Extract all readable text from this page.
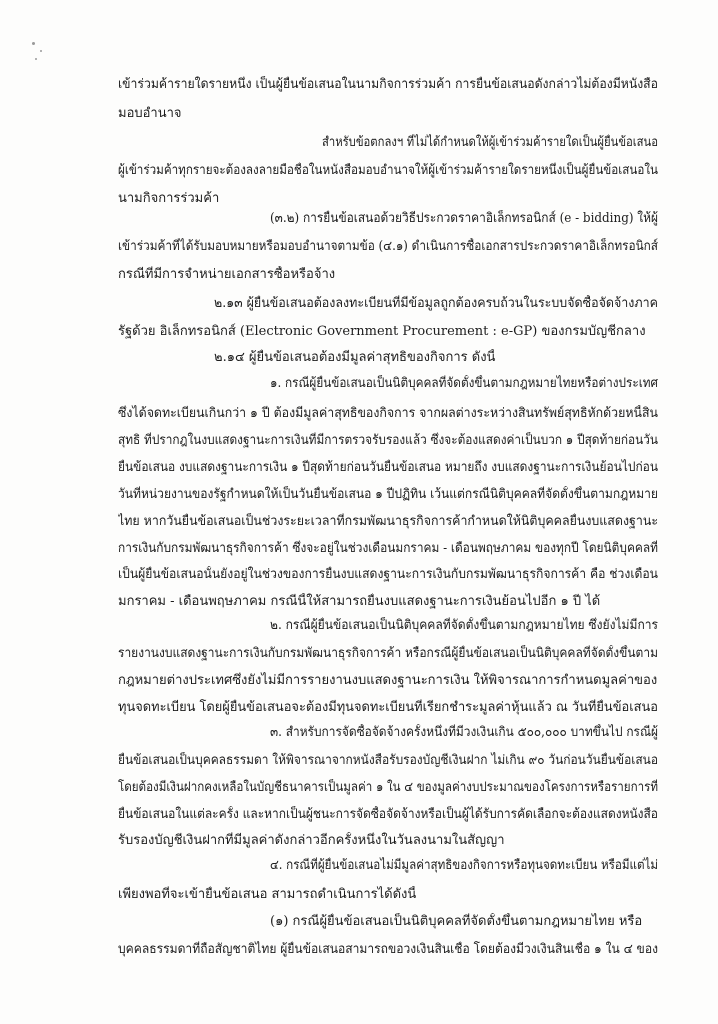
เข้าร่วมค้ารายใดรายหนึ่ง เป็นผู้ยื่นข้อเสนอในนามกิจการร่วมค้า การยื่นข้อเสนอดังกล่าวไม่ต้องมีหนังสือ
มอบอำนาจ
สำหรับข้อตกลงฯ ที่ไม่ได้กำหนดให้ผู้เข้าร่วมค้ารายใดเป็นผู้ยื่นข้อเสนอ
ผู้เข้าร่วมค้าทุกรายจะต้องลงลายมือชื่อในหนังสือมอบอำนาจให้ผู้เข้าร่วมค้ารายใดรายหนึ่งเป็นผู้ยื่นข้อเสนอใน
นามกิจการร่วมค้า
(๓.๒) การยื่นข้อเสนอด้วยวิธีประกวดราคาอิเล็กทรอนิกส์ (e - bidding) ให้ผู้
เข้าร่วมค้าที่ได้รับมอบหมายหรือมอบอำนาจตามข้อ (๔.๑) ดำเนินการซื้อเอกสารประกวดราคาอิเล็กทรอนิกส์
กรณีที่มีการจำหน่ายเอกสารซื้อหรือจ้าง
๒.๑๓ ผู้ยื่นข้อเสนอต้องลงทะเบียนที่มีข้อมูลถูกต้องครบถ้วนในระบบจัดซื้อจัดจ้างภาค
รัฐด้วย อิเล็กทรอนิกส์ (Electronic Government Procurement : e-GP) ของกรมบัญชีกลาง
๒.๑๔ ผู้ยื่นข้อเสนอต้องมีมูลค่าสุทธิของกิจการ ดังนี้
๑. กรณีผู้ยื่นข้อเสนอเป็นนิติบุคคลที่จัดตั้งขึ้นตามกฎหมายไทยหรือต่างประเทศ
ซึ่งได้จดทะเบียนเกินกว่า ๑ ปี ต้องมีมูลค่าสุทธิของกิจการ จากผลต่างระหว่างสินทรัพย์สุทธิหักด้วยหนี้สิน
สุทธิ ที่ปรากฎในงบแสดงฐานะการเงินที่มีการตรวจรับรองแล้ว ซึ่งจะต้องแสดงค่าเป็นบวก ๑ ปีสุดท้ายก่อนวัน
ยื่นข้อเสนอ งบแสดงฐานะการเงิน ๑ ปีสุดท้ายก่อนวันยื่นข้อเสนอ หมายถึง งบแสดงฐานะการเงินย้อนไปก่อน
วันที่หน่วยงานของรัฐกำหนดให้เป็นวันยื่นข้อเสนอ ๑ ปีปฏิทิน เว้นแต่กรณีนิติบุคคลที่จัดตั้งขึ้นตามกฎหมาย
ไทย หากวันยื่นข้อเสนอเป็นช่วงระยะเวลาที่กรมพัฒนาธุรกิจการค้ากำหนดให้นิติบุคคลยื่นงบแสดงฐานะ
การเงินกับกรมพัฒนาธุรกิจการค้า ซึ่งจะอยู่ในช่วงเดือนมกราคม - เดือนพฤษภาคม ของทุกปี โดยนิติบุคคลที่
เป็นผู้ยื่นข้อเสนอนั้นยังอยู่ในช่วงของการยื่นงบแสดงฐานะการเงินกับกรมพัฒนาธุรกิจการค้า คือ ช่วงเดือน
มกราคม - เดือนพฤษภาคม กรณีนี้ให้สามารถยื่นงบแสดงฐานะการเงินย้อนไปอีก ๑ ปี ได้
๒. กรณีผู้ยื่นข้อเสนอเป็นนิติบุคคลที่จัดตั้งขึ้นตามกฎหมายไทย ซึ่งยังไม่มีการ
รายงานงบแสดงฐานะการเงินกับกรมพัฒนาธุรกิจการค้า หรือกรณีผู้ยื่นข้อเสนอเป็นนิติบุคคลที่จัดตั้งขึ้นตาม
กฎหมายต่างประเทศซึ่งยังไม่มีการรายงานงบแสดงฐานะการเงิน ให้พิจารณาการกำหนดมูลค่าของ
ทุนจดทะเบียน โดยผู้ยื่นข้อเสนอจะต้องมีทุนจดทะเบียนที่เรียกชำระมูลค่าหุ้นแล้ว ณ วันที่ยื่นข้อเสนอ
๓. สำหรับการจัดซื้อจัดจ้างครั้งหนึ่งที่มีวงเงินเกิน ๕๐๐,๐๐๐ บาทขึ้นไป กรณีผู้
ยื่นข้อเสนอเป็นบุคคลธรรมดา ให้พิจารณาจากหนังสือรับรองบัญชีเงินฝาก ไม่เกิน ๙๐ วันก่อนวันยื่นข้อเสนอ
โดยต้องมีเงินฝากคงเหลือในบัญชีธนาคารเป็นมูลค่า ๑ ใน ๔ ของมูลค่างบประมาณของโครงการหรือรายการที่
ยื่นข้อเสนอในแต่ละครั้ง และหากเป็นผู้ชนะการจัดซื้อจัดจ้างหรือเป็นผู้ได้รับการคัดเลือกจะต้องแสดงหนังสือ
รับรองบัญชีเงินฝากที่มีมูลค่าดังกล่าวอีกครั้งหนึ่งในวันลงนามในสัญญา
๔. กรณีที่ผู้ยื่นข้อเสนอไม่มีมูลค่าสุทธิของกิจการหรือทุนจดทะเบียน หรือมีแต่ไม่
เพียงพอที่จะเข้ายื่นข้อเสนอ สามารถดำเนินการได้ดังนี้
(๑) กรณีผู้ยื่นข้อเสนอเป็นนิติบุคคลที่จัดตั้งขึ้นตามกฎหมายไทย หรือ
บุคคลธรรมดาที่ถือสัญชาติไทย ผู้ยื่นข้อเสนอสามารถขอวงเงินสินเชื่อ โดยต้องมีวงเงินสินเชื่อ ๑ ใน ๔ ของ
